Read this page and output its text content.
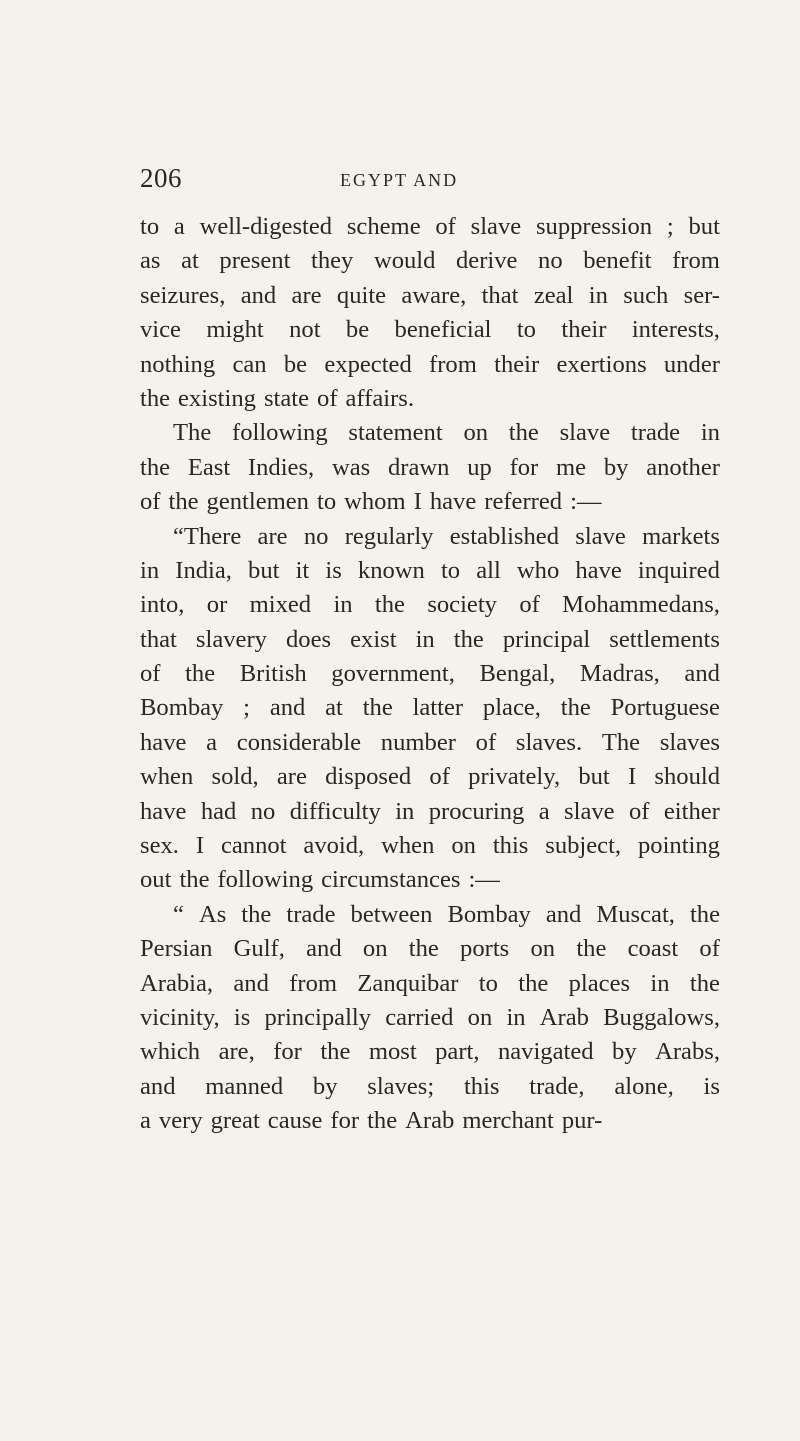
206	EGYPT AND
to a well-digested scheme of slave suppression ; but
as at present they would derive no benefit from
seizures, and are quite aware, that zeal in such ser-
vice might not be beneficial to their interests,
nothing can be expected from their exertions under
the existing state of affairs.
The following statement on the slave trade in
the East Indies, was drawn up for me by another
of the gentlemen to whom I have referred :—
“There are no regularly established slave markets
in India, but it is known to all who have inquired
into, or mixed in the society of Mohammedans,
that slavery does exist in the principal settlements
of the British government, Bengal, Madras, and
Bombay ; and at the latter place, the Portuguese
have a considerable number of slaves. The slaves
when sold, are disposed of privately, but I should
have had no difficulty in procuring a slave of either
sex. I cannot avoid, when on this subject, pointing
out the following circumstances :—
“ As the trade between Bombay and Muscat, the
Persian Gulf, and on the ports on the coast of
Arabia, and from Zanquibar to the places in the
vicinity, is principally carried on in Arab Buggalows,
which are, for the most part, navigated by Arabs,
and manned by slaves; this trade, alone, is
a very great cause for the Arab merchant pur-
